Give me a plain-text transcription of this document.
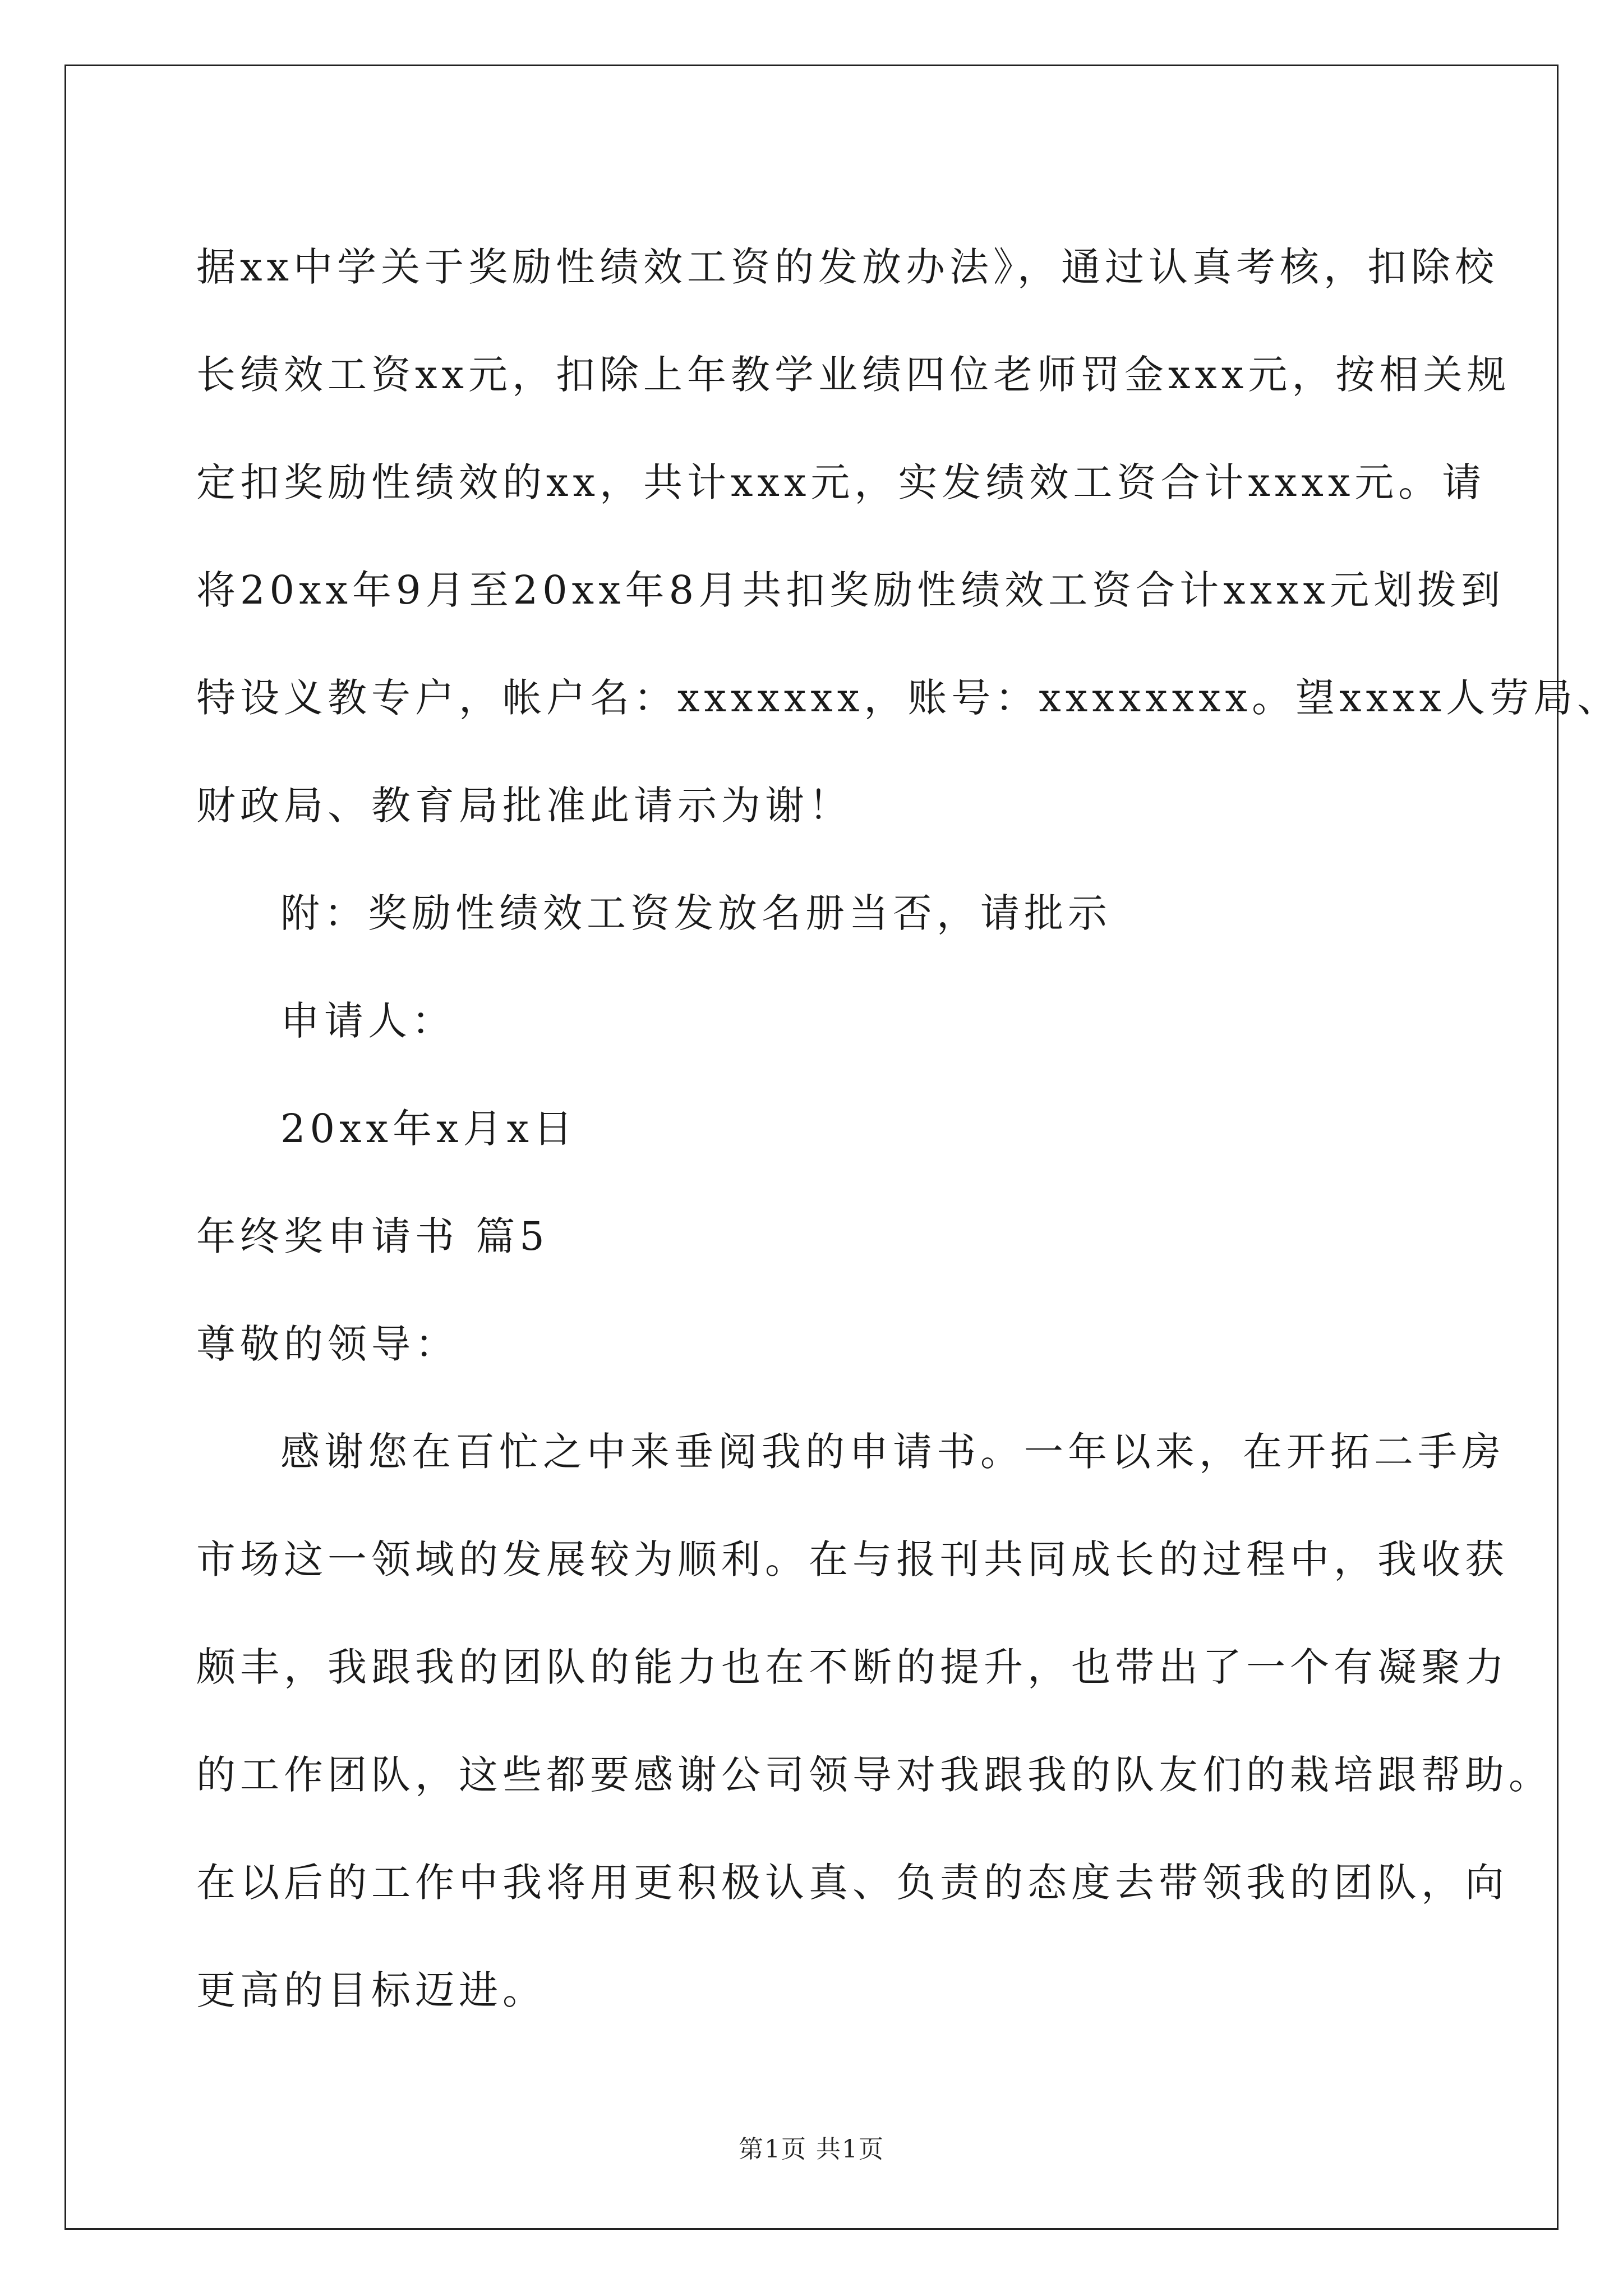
据xx中学关于奖励性绩效工资的发放办法》，通过认真考核，扣除校
长绩效工资xx元，扣除上年教学业绩四位老师罚金xxx元，按相关规
定扣奖励性绩效的xx，共计xxx元，实发绩效工资合计xxxx元。请
将20xx年9月至20xx年8月共扣奖励性绩效工资合计xxxx元划拨到
特设义教专户，帐户名：xxxxxxx，账号：xxxxxxxx。望xxxx人劳局、
财政局、教育局批准此请示为谢！
附：奖励性绩效工资发放名册当否，请批示
申请人：
20xx年x月x日
年终奖申请书 篇5
尊敬的领导：
感谢您在百忙之中来垂阅我的申请书。一年以来，在开拓二手房
市场这一领域的发展较为顺利。在与报刊共同成长的过程中，我收获
颇丰，我跟我的团队的能力也在不断的提升，也带出了一个有凝聚力
的工作团队，这些都要感谢公司领导对我跟我的队友们的栽培跟帮助。
在以后的工作中我将用更积极认真、负责的态度去带领我的团队，向
更高的目标迈进。
第1页 共1页
